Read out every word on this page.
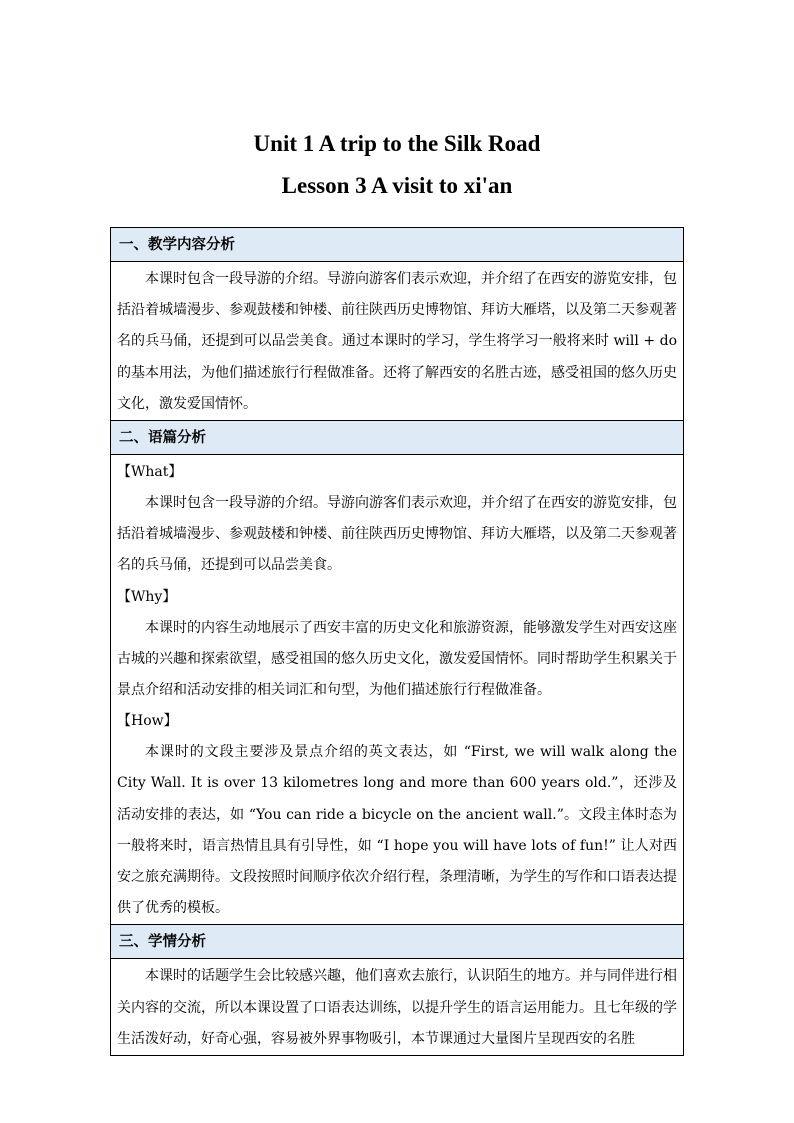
Unit 1 A trip to the Silk Road
Lesson 3 A visit to xi'an
一、教学内容分析

本课时包含一段导游的介绍。导游向游客们表示欢迎，并介绍了在西安的游览安排，包括沿着城墙漫步、参观鼓楼和钟楼、前往陕西历史博物馆、拜访大雁塔，以及第二天参观著名的兵马俑，还提到可以品尝美食。通过本课时的学习，学生将学习一般将来时 will + do 的基本用法，为他们描述旅行行程做准备。还将了解西安的名胜古迹，感受祖国的悠久历史文化，激发爱国情怀。

二、语篇分析

【What】

本课时包含一段导游的介绍。导游向游客们表示欢迎，并介绍了在西安的游览安排，包括沿着城墙漫步、参观鼓楼和钟楼、前往陕西历史博物馆、拜访大雁塔，以及第二天参观著名的兵马俑，还提到可以品尝美食。

【Why】

本课时的内容生动地展示了西安丰富的历史文化和旅游资源，能够激发学生对西安这座古城的兴趣和探索欲望，感受祖国的悠久历史文化，激发爱国情怀。同时帮助学生积累关于景点介绍和活动安排的相关词汇和句型，为他们描述旅行行程做准备。

【How】

本课时的文段主要涉及景点介绍的英文表达，如 “First, we will walk along the City Wall. It is over 13 kilometres long and more than 600 years old.”，还涉及活动安排的表达，如 “You can ride a bicycle on the ancient wall.”。文段主体时态为一般将来时，语言热情且具有引导性，如 “I hope you will have lots of fun!” 让人对西安之旅充满期待。文段按照时间顺序依次介绍行程，条理清晰，为学生的写作和口语表达提供了优秀的模板。

三、学情分析

本课时的话题学生会比较感兴趣，他们喜欢去旅行，认识陌生的地方。并与同伴进行相关内容的交流，所以本课设置了口语表达训练，以提升学生的语言运用能力。且七年级的学生活泼好动，好奇心强，容易被外界事物吸引，本节课通过大量图片呈现西安的名胜
